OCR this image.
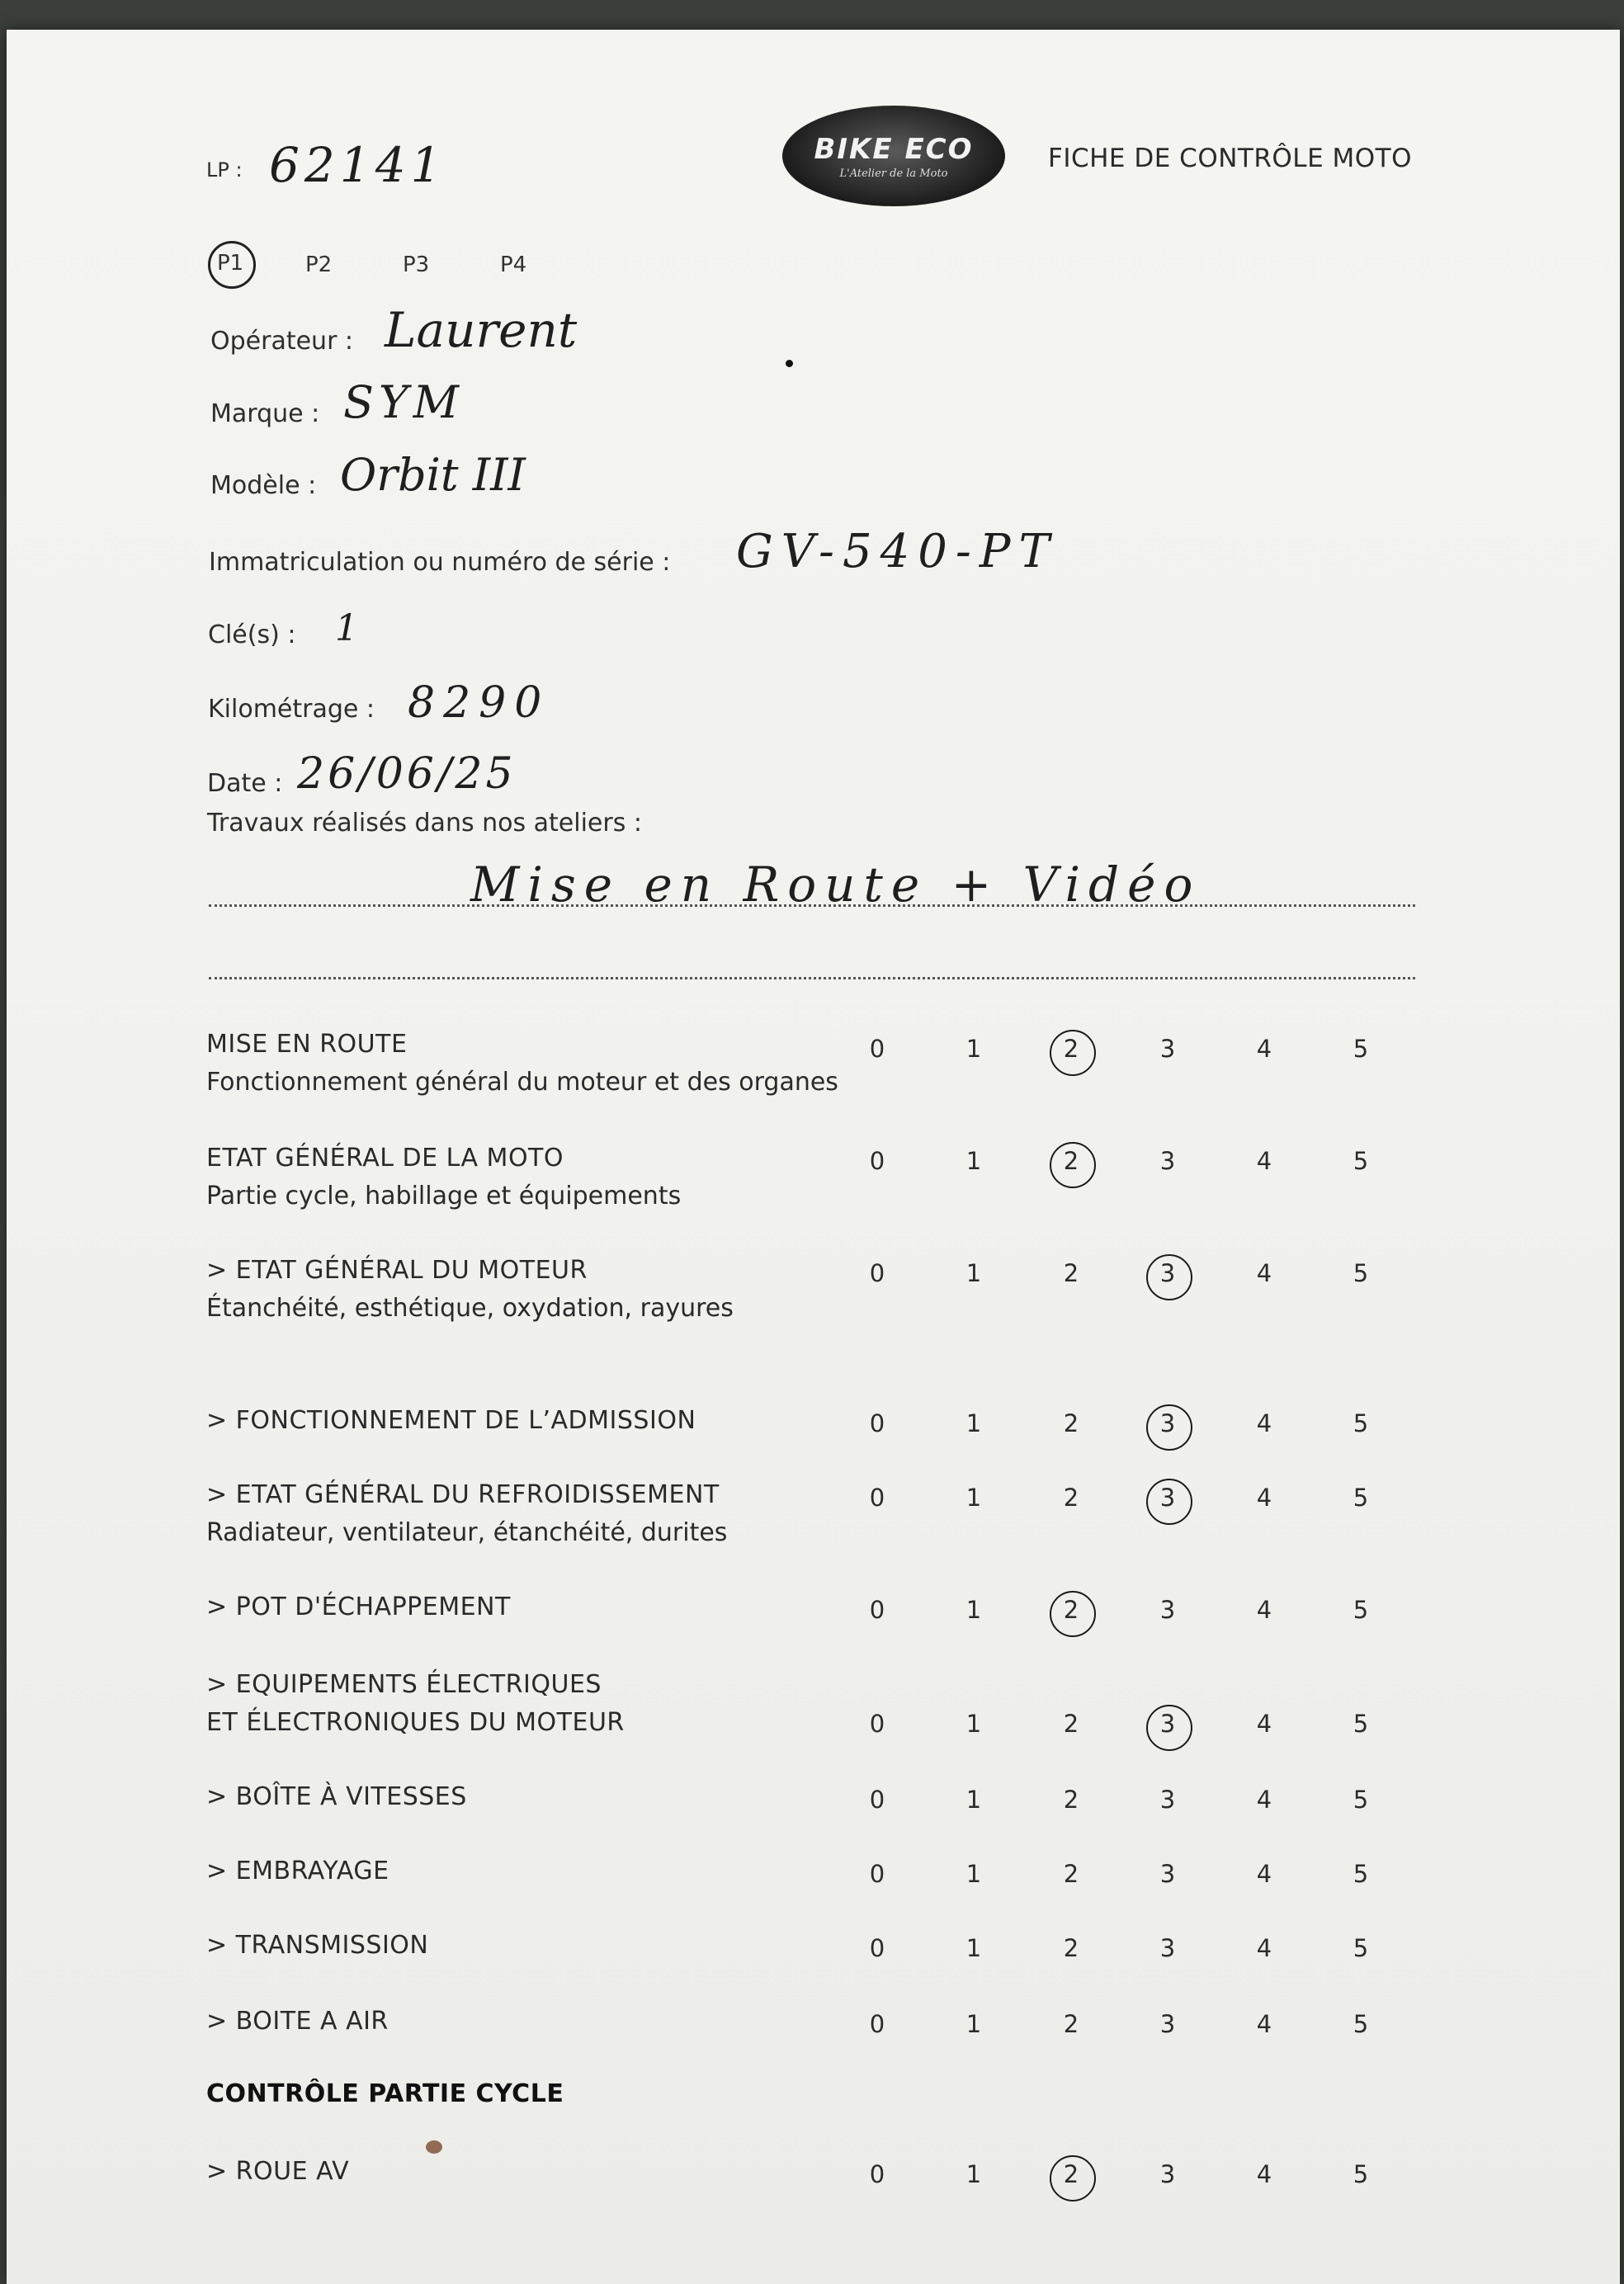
BIKE ECO
L'Atelier de la Moto	FICHE DE CONTRÔLE MOTO
LP : 62141
P1	P2	P3	P4
Opérateur : Laurent
Marque : SYM
Modèle : Orbit III
Immatriculation ou numéro de série : GV-540-PT
Clé(s) : 1
Kilométrage : 8290
Date : 26/06/25
Travaux réalisés dans nos ateliers :
Mise en Route + Vidéo
MISE EN ROUTE
Fonctionnement général du moteur et des organes
0	1	2	3	4	5
ETAT GÉNÉRAL DE LA MOTO
Partie cycle, habillage et équipements
0	1	2	3	4	5
> ETAT GÉNÉRAL DU MOTEUR
Étanchéité, esthétique, oxydation, rayures
0	1	2	3	4	5
> FONCTIONNEMENT DE L’ADMISSION	0	1	2	3	4	5
> ETAT GÉNÉRAL DU REFROIDISSEMENT
Radiateur, ventilateur, étanchéité, durites
0	1	2	3	4	5
> POT D'ÉCHAPPEMENT	0	1	2	3	4	5
> EQUIPEMENTS ÉLECTRIQUES
ET ÉLECTRONIQUES DU MOTEUR	0	1	2	3	4	5
> BOÎTE À VITESSES	0	1	2	3	4	5
> EMBRAYAGE	0	1	2	3	4	5
> TRANSMISSION	0	1	2	3	4	5
> BOITE A AIR	0	1	2	3	4	5
> ROUE AV	0	1	2	3	4	5
CONTRÔLE PARTIE CYCLE
